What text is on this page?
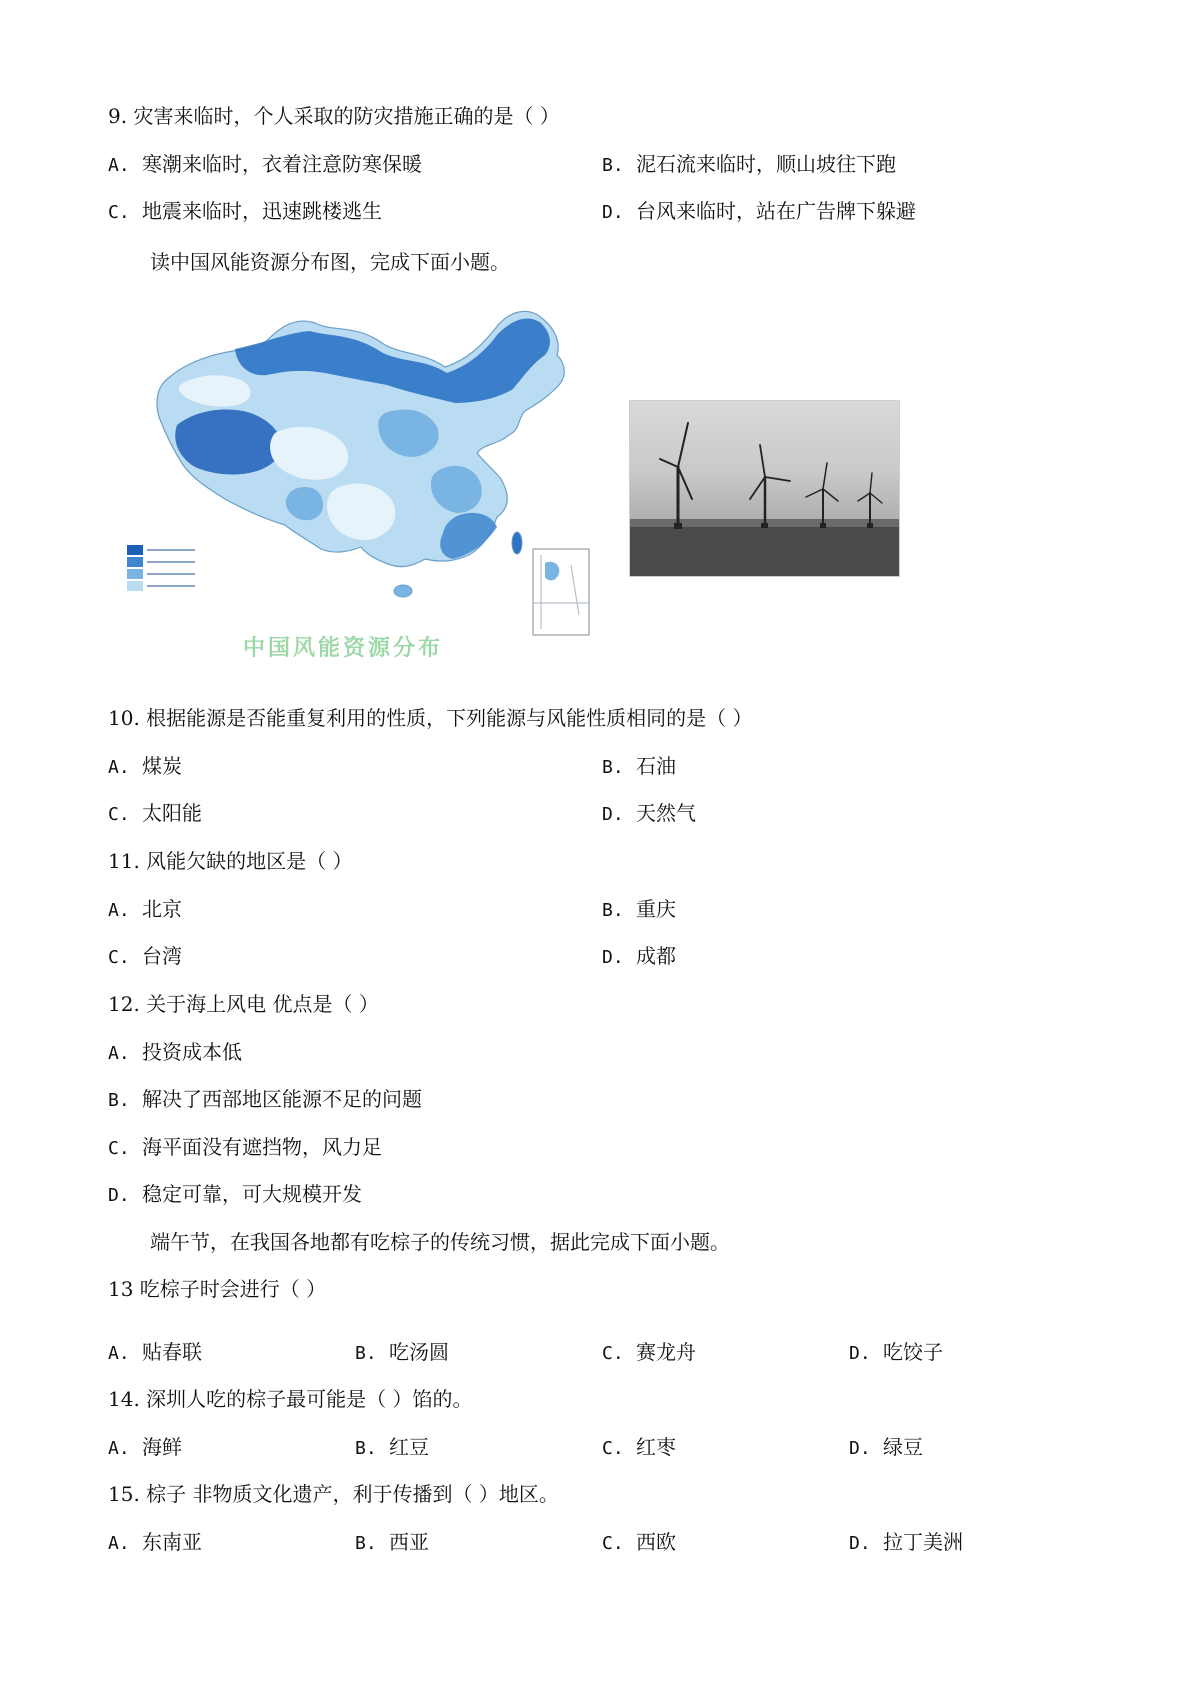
9. 灾害来临时，个人采取的防灾措施正确的是（ ）
A. 寒潮来临时，衣着注意防寒保暖	B. 泥石流来临时，顺山坡往下跑
C. 地震来临时，迅速跳楼逃生	D. 台风来临时，站在广告牌下躲避
读中国风能资源分布图，完成下面小题。
中国风能资源分布
10. 根据能源是否能重复利用的性质，下列能源与风能性质相同的是（ ）
A. 煤炭	B. 石油
C. 太阳能	D. 天然气
11. 风能欠缺的地区是（ ）
A. 北京	B. 重庆
C. 台湾	D. 成都
12. 关于海上风电 优点是（ ）
A. 投资成本低
B. 解决了西部地区能源不足的问题
C. 海平面没有遮挡物，风力足
D. 稳定可靠，可大规模开发
端午节，在我国各地都有吃棕子的传统习惯，据此完成下面小题。
13 吃棕子时会进行（ ）
A. 贴春联	B. 吃汤圆	C. 赛龙舟	D. 吃饺子
14. 深圳人吃的棕子最可能是（ ）馅的。
A. 海鲜	B. 红豆	C. 红枣	D. 绿豆
15. 棕子 非物质文化遗产，利于传播到（ ）地区。
A. 东南亚	B. 西亚	C. 西欧	D. 拉丁美洲
